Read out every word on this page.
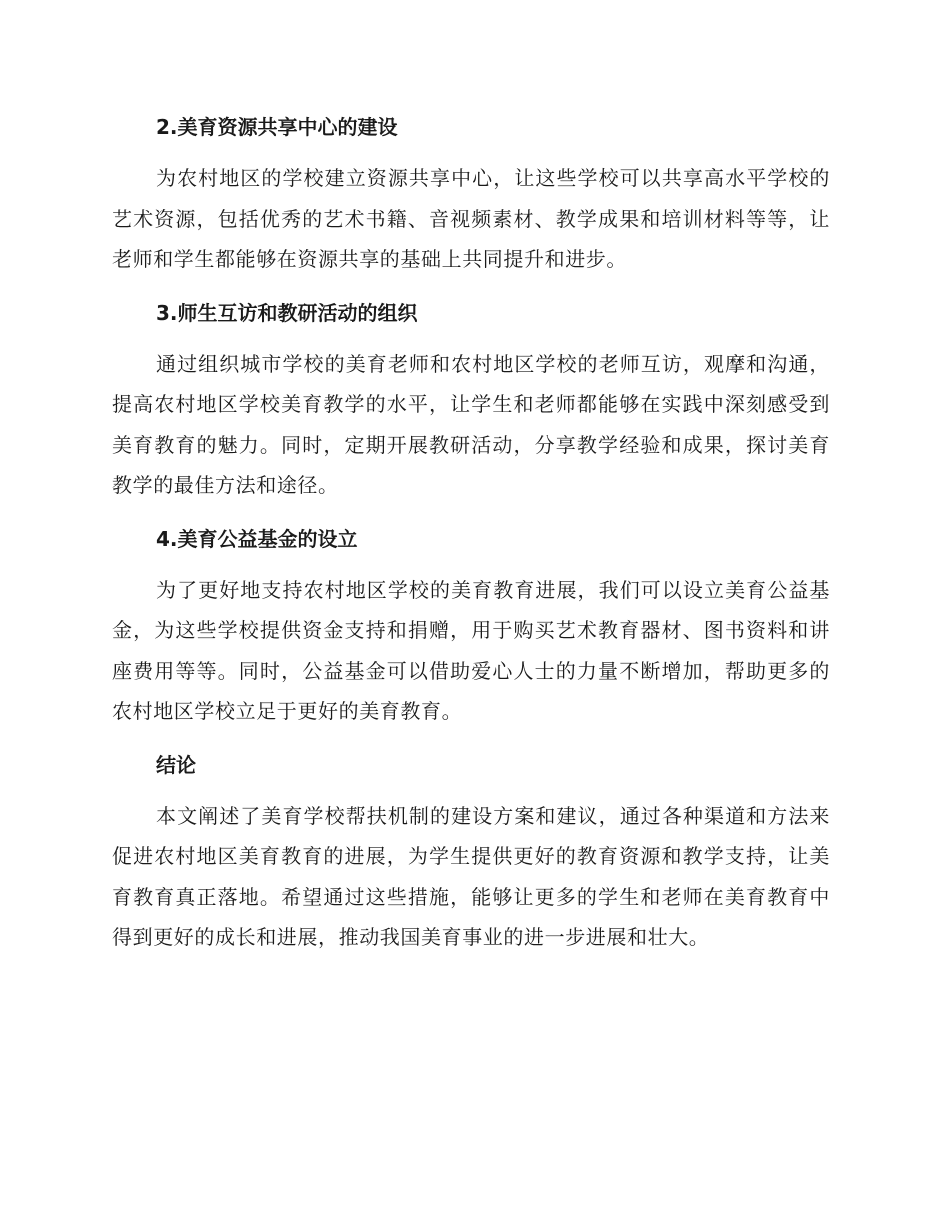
2.美育资源共享中心的建设

为农村地区的学校建立资源共享中心，让这些学校可以共享高水平学校的艺术资源，包括优秀的艺术书籍、音视频素材、教学成果和培训材料等等，让老师和学生都能够在资源共享的基础上共同提升和进步。

3.师生互访和教研活动的组织

通过组织城市学校的美育老师和农村地区学校的老师互访，观摩和沟通，提高农村地区学校美育教学的水平，让学生和老师都能够在实践中深刻感受到美育教育的魅力。同时，定期开展教研活动，分享教学经验和成果，探讨美育教学的最佳方法和途径。

4.美育公益基金的设立

为了更好地支持农村地区学校的美育教育进展，我们可以设立美育公益基金，为这些学校提供资金支持和捐赠，用于购买艺术教育器材、图书资料和讲座费用等等。同时，公益基金可以借助爱心人士的力量不断增加，帮助更多的农村地区学校立足于更好的美育教育。

结论

本文阐述了美育学校帮扶机制的建设方案和建议，通过各种渠道和方法来促进农村地区美育教育的进展，为学生提供更好的教育资源和教学支持，让美育教育真正落地。希望通过这些措施，能够让更多的学生和老师在美育教育中得到更好的成长和进展，推动我国美育事业的进一步进展和壮大。
